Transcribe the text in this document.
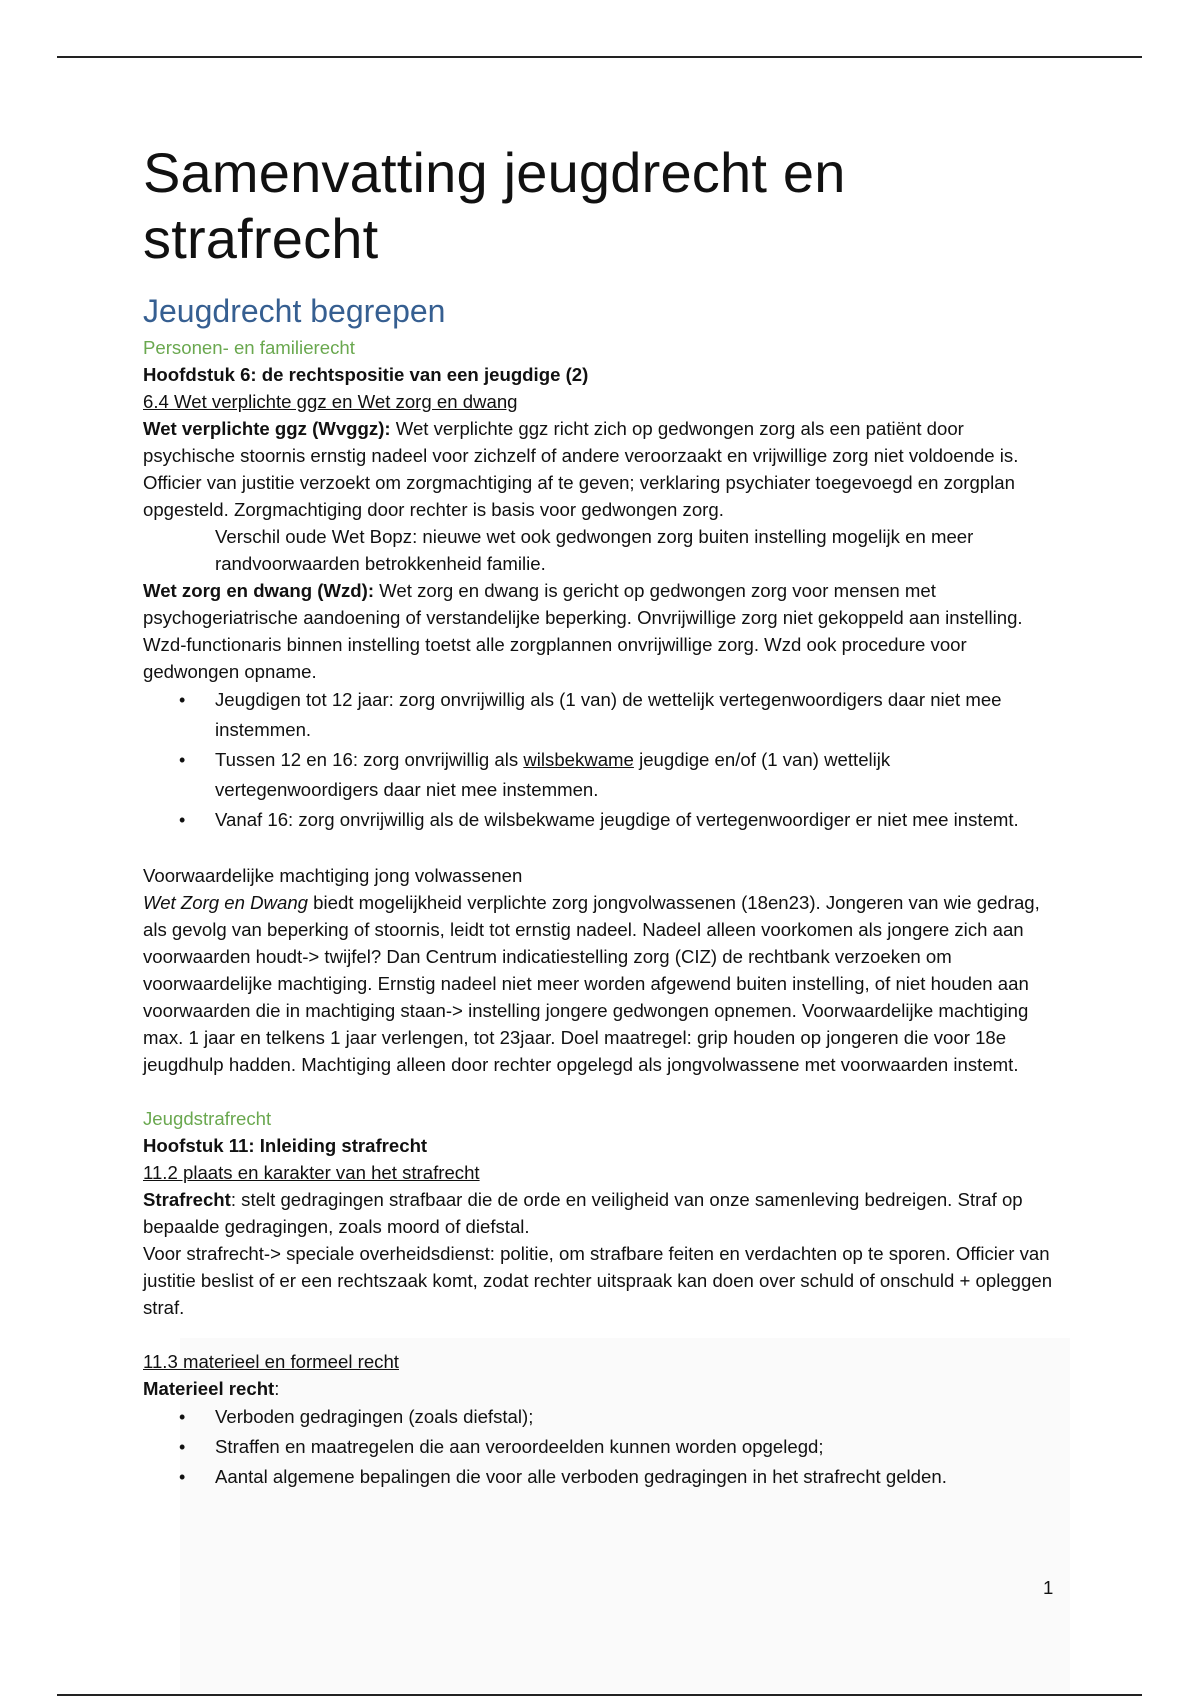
Samenvatting jeugdrecht en strafrecht
Jeugdrecht begrepen

Personen- en familierecht

Hoofdstuk 6: de rechtspositie van een jeugdige (2)

6.4 Wet verplichte ggz en Wet zorg en dwang

Wet verplichte ggz (Wvggz): Wet verplichte ggz richt zich op gedwongen zorg als een patiënt door psychische stoornis ernstig nadeel voor zichzelf of andere veroorzaakt en vrijwillige zorg niet voldoende is. Officier van justitie verzoekt om zorgmachtiging af te geven; verklaring psychiater toegevoegd en zorgplan opgesteld. Zorgmachtiging door rechter is basis voor gedwongen zorg.

Verschil oude Wet Bopz: nieuwe wet ook gedwongen zorg buiten instelling mogelijk en meer randvoorwaarden betrokkenheid familie.

Wet zorg en dwang (Wzd): Wet zorg en dwang is gericht op gedwongen zorg voor mensen met psychogeriatrische aandoening of verstandelijke beperking. Onvrijwillige zorg niet gekoppeld aan instelling. Wzd-functionaris binnen instelling toetst alle zorgplannen onvrijwillige zorg. Wzd ook procedure voor gedwongen opname.

• Jeugdigen tot 12 jaar: zorg onvrijwillig als (1 van) de wettelijk vertegenwoordigers daar niet mee instemmen.
• Tussen 12 en 16: zorg onvrijwillig als wilsbekwame jeugdige en/of (1 van) wettelijk vertegenwoordigers daar niet mee instemmen.
• Vanaf 16: zorg onvrijwillig als de wilsbekwame jeugdige of vertegenwoordiger er niet mee instemt.

Voorwaardelijke machtiging jong volwassenen

Wet Zorg en Dwang biedt mogelijkheid verplichte zorg jongvolwassenen (18en23). Jongeren van wie gedrag, als gevolg van beperking of stoornis, leidt tot ernstig nadeel. Nadeel alleen voorkomen als jongere zich aan voorwaarden houdt-> twijfel? Dan Centrum indicatiestelling zorg (CIZ) de rechtbank verzoeken om voorwaardelijke machtiging. Ernstig nadeel niet meer worden afgewend buiten instelling, of niet houden aan voorwaarden die in machtiging staan-> instelling jongere gedwongen opnemen. Voorwaardelijke machtiging max. 1 jaar en telkens 1 jaar verlengen, tot 23jaar. Doel maatregel: grip houden op jongeren die voor 18e jeugdhulp hadden. Machtiging alleen door rechter opgelegd als jongvolwassene met voorwaarden instemt.

Jeugdstrafrecht

Hoofstuk 11: Inleiding strafrecht

11.2 plaats en karakter van het strafrecht

Strafrecht: stelt gedragingen strafbaar die de orde en veiligheid van onze samenleving bedreigen. Straf op bepaalde gedragingen, zoals moord of diefstal.

Voor strafrecht-> speciale overheidsdienst: politie, om strafbare feiten en verdachten op te sporen. Officier van justitie beslist of er een rechtszaak komt, zodat rechter uitspraak kan doen over schuld of onschuld + opleggen straf.

11.3 materieel en formeel recht

Materieel recht:

• Verboden gedragingen (zoals diefstal);
• Straffen en maatregelen die aan veroordeelden kunnen worden opgelegd;
• Aantal algemene bepalingen die voor alle verboden gedragingen in het strafrecht gelden.
1
